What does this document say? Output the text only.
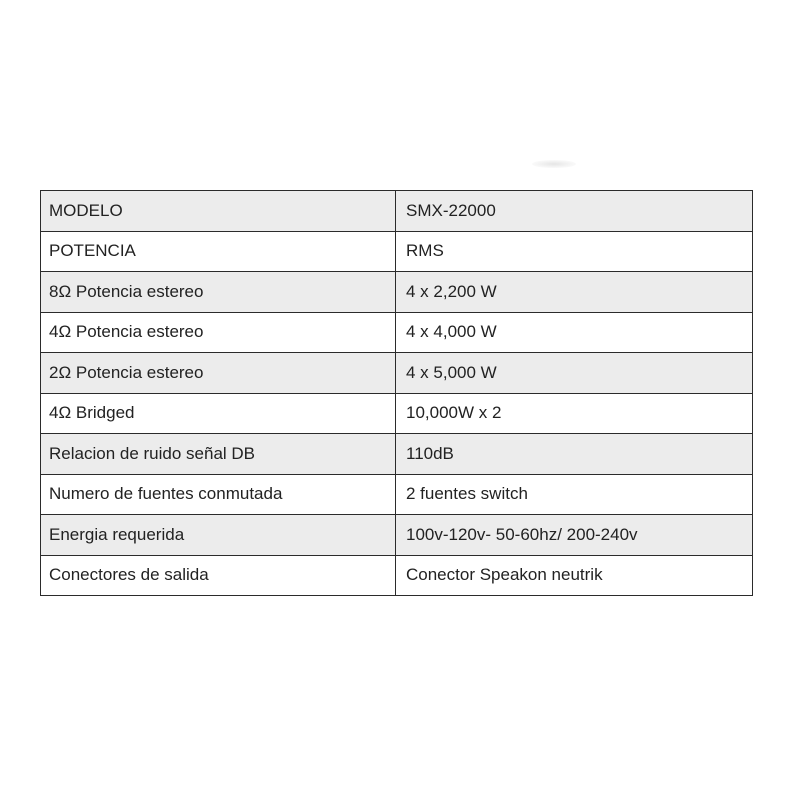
MODELO	SMX-22000
POTENCIA	RMS
8Ω Potencia estereo	4 x 2,200 W
4Ω Potencia estereo	4 x 4,000 W
2Ω Potencia estereo	4 x 5,000 W
4Ω Bridged	10,000W x 2
Relacion de ruido señal DB	110dB
Numero de fuentes conmutada	2 fuentes switch
Energia requerida	100v-120v- 50-60hz/ 200-240v
Conectores de salida	Conector Speakon neutrik
